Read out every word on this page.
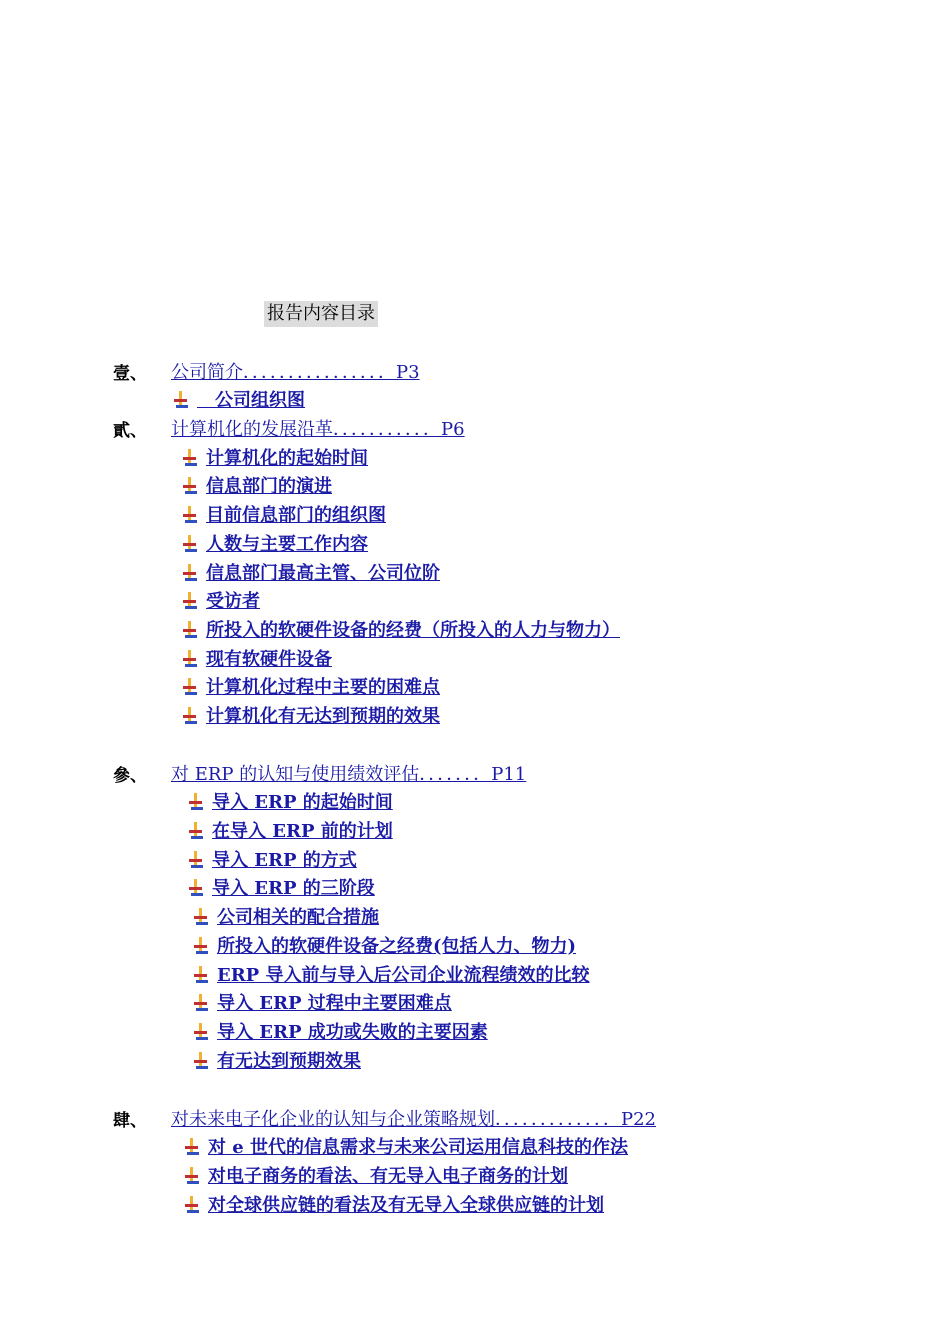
报告内容目录
壹、 公司简介．．．．．．．．．．．．．．．．P3
　公司组织图
貳、 计算机化的发展沿革．．．．．．．．．．．P6
计算机化的起始时间
信息部门的演进
目前信息部门的组织图
人数与主要工作内容
信息部门最高主管、公司位阶
受访者
所投入的软硬件设备的经费（所投入的人力与物力）
现有软硬件设备
计算机化过程中主要的困难点
计算机化有无达到预期的效果
參、 对 ERP 的认知与使用绩效评估．．．．．．．P11
导入 ERP 的起始时间
在导入 ERP 前的计划
导入 ERP 的方式
导入 ERP 的三阶段
公司相关的配合措施
所投入的软硬件设备之经费(包括人力、物力)
ERP 导入前与导入后公司企业流程绩效的比较
导入 ERP 过程中主要困难点
导入 ERP 成功或失败的主要因素
有无达到预期效果
肆、 对未来电子化企业的认知与企业策略规划．．．．．．．．．．．．．P22
对 e 世代的信息需求与未来公司运用信息科技的作法
对电子商务的看法、有无导入电子商务的计划
对全球供应链的看法及有无导入全球供应链的计划
